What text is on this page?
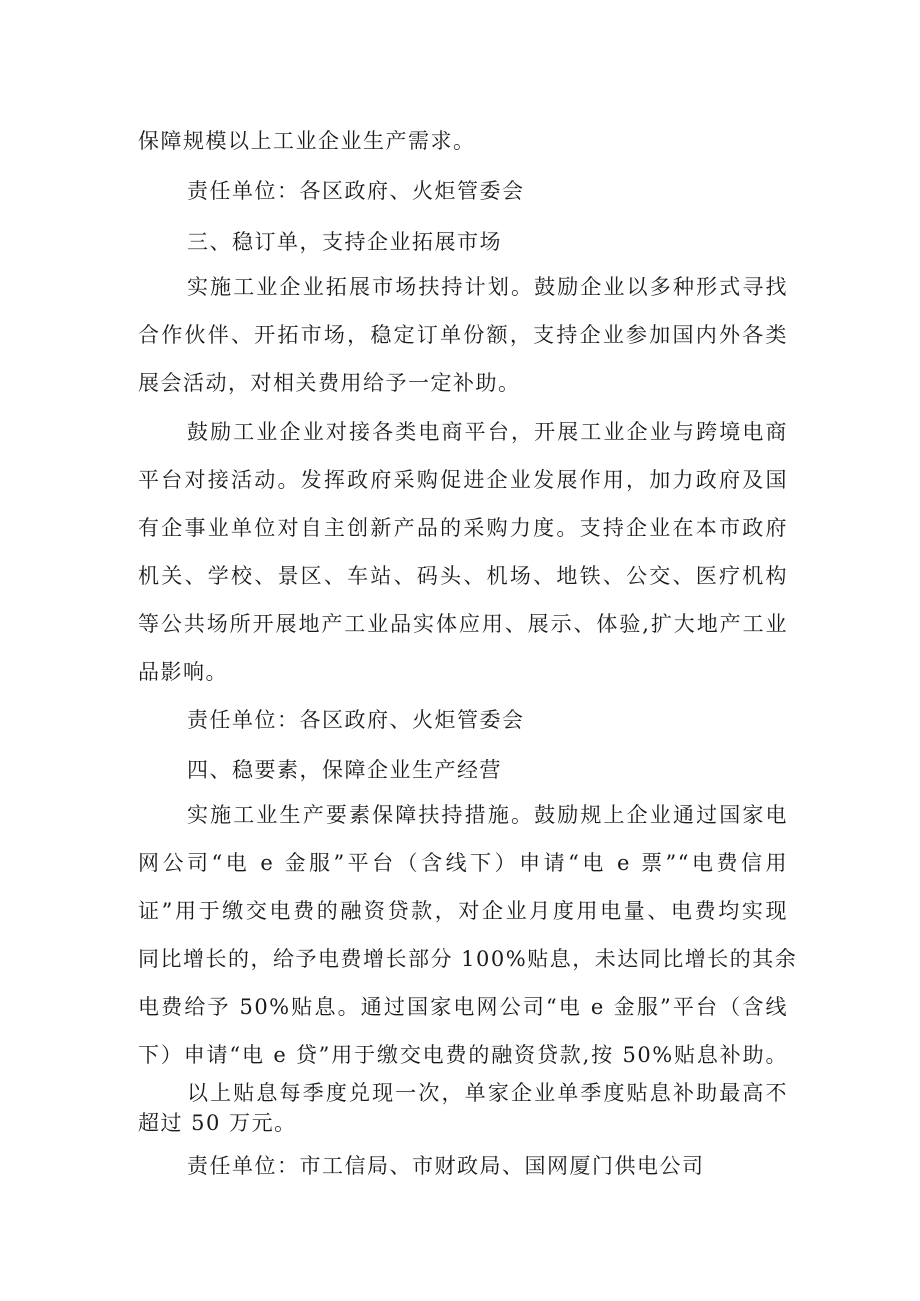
保障规模以上工业企业生产需求。
责任单位：各区政府、火炬管委会
三、稳订单，支持企业拓展市场
实施工业企业拓展市场扶持计划。鼓励企业以多种形式寻找
合作伙伴、开拓市场，稳定订单份额，支持企业参加国内外各类
展会活动，对相关费用给予一定补助。
鼓励工业企业对接各类电商平台，开展工业企业与跨境电商
平台对接活动。发挥政府采购促进企业发展作用，加力政府及国
有企事业单位对自主创新产品的采购力度。支持企业在本市政府
机关、学校、景区、车站、码头、机场、地铁、公交、医疗机构
等公共场所开展地产工业品实体应用、展示、体验,扩大地产工业
品影响。
责任单位：各区政府、火炬管委会
四、稳要素，保障企业生产经营
实施工业生产要素保障扶持措施。鼓励规上企业通过国家电
网公司“电 e 金服”平台（含线下）申请“电 e 票”“电费信用
证”用于缴交电费的融资贷款，对企业月度用电量、电费均实现
同比增长的，给予电费增长部分 100%贴息，未达同比增长的其余
电费给予 50%贴息。通过国家电网公司“电 e 金服”平台（含线
下）申请“电 e 贷”用于缴交电费的融资贷款,按 50%贴息补助。
以上贴息每季度兑现一次，单家企业单季度贴息补助最高不
超过 50 万元。
责任单位：市工信局、市财政局、国网厦门供电公司
